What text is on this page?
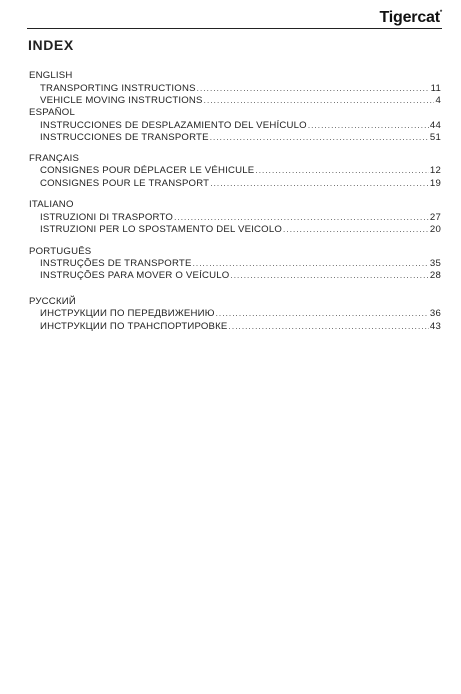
Tigercat*
INDEX
ENGLISH
TRANSPORTING INSTRUCTIONS .....	11
VEHICLE MOVING INSTRUCTIONS .....	4
ESPAÑOL
INSTRUCCIONES DE DESPLAZAMIENTO DEL VEHÍCULO .....	44
INSTRUCCIONES DE TRANSPORTE .....	51
FRANÇAIS
CONSIGNES POUR DÉPLACER LE VÉHICULE .....	12
CONSIGNES POUR LE TRANSPORT .....	19
ITALIANO
ISTRUZIONI DI TRASPORTO .....	27
ISTRUZIONI PER LO SPOSTAMENTO DEL VEICOLO .....	20
PORTUGUÊS
INSTRUÇÕES DE TRANSPORTE .....	35
INSTRUÇÕES PARA MOVER O VEÍCULO .....	28
РУССКИЙ
ИНСТРУКЦИИ ПО ПЕРЕДВИЖЕНИЮ .....	36
ИНСТРУКЦИИ ПО ТРАНСПОРТИРОВКЕ .....	43
